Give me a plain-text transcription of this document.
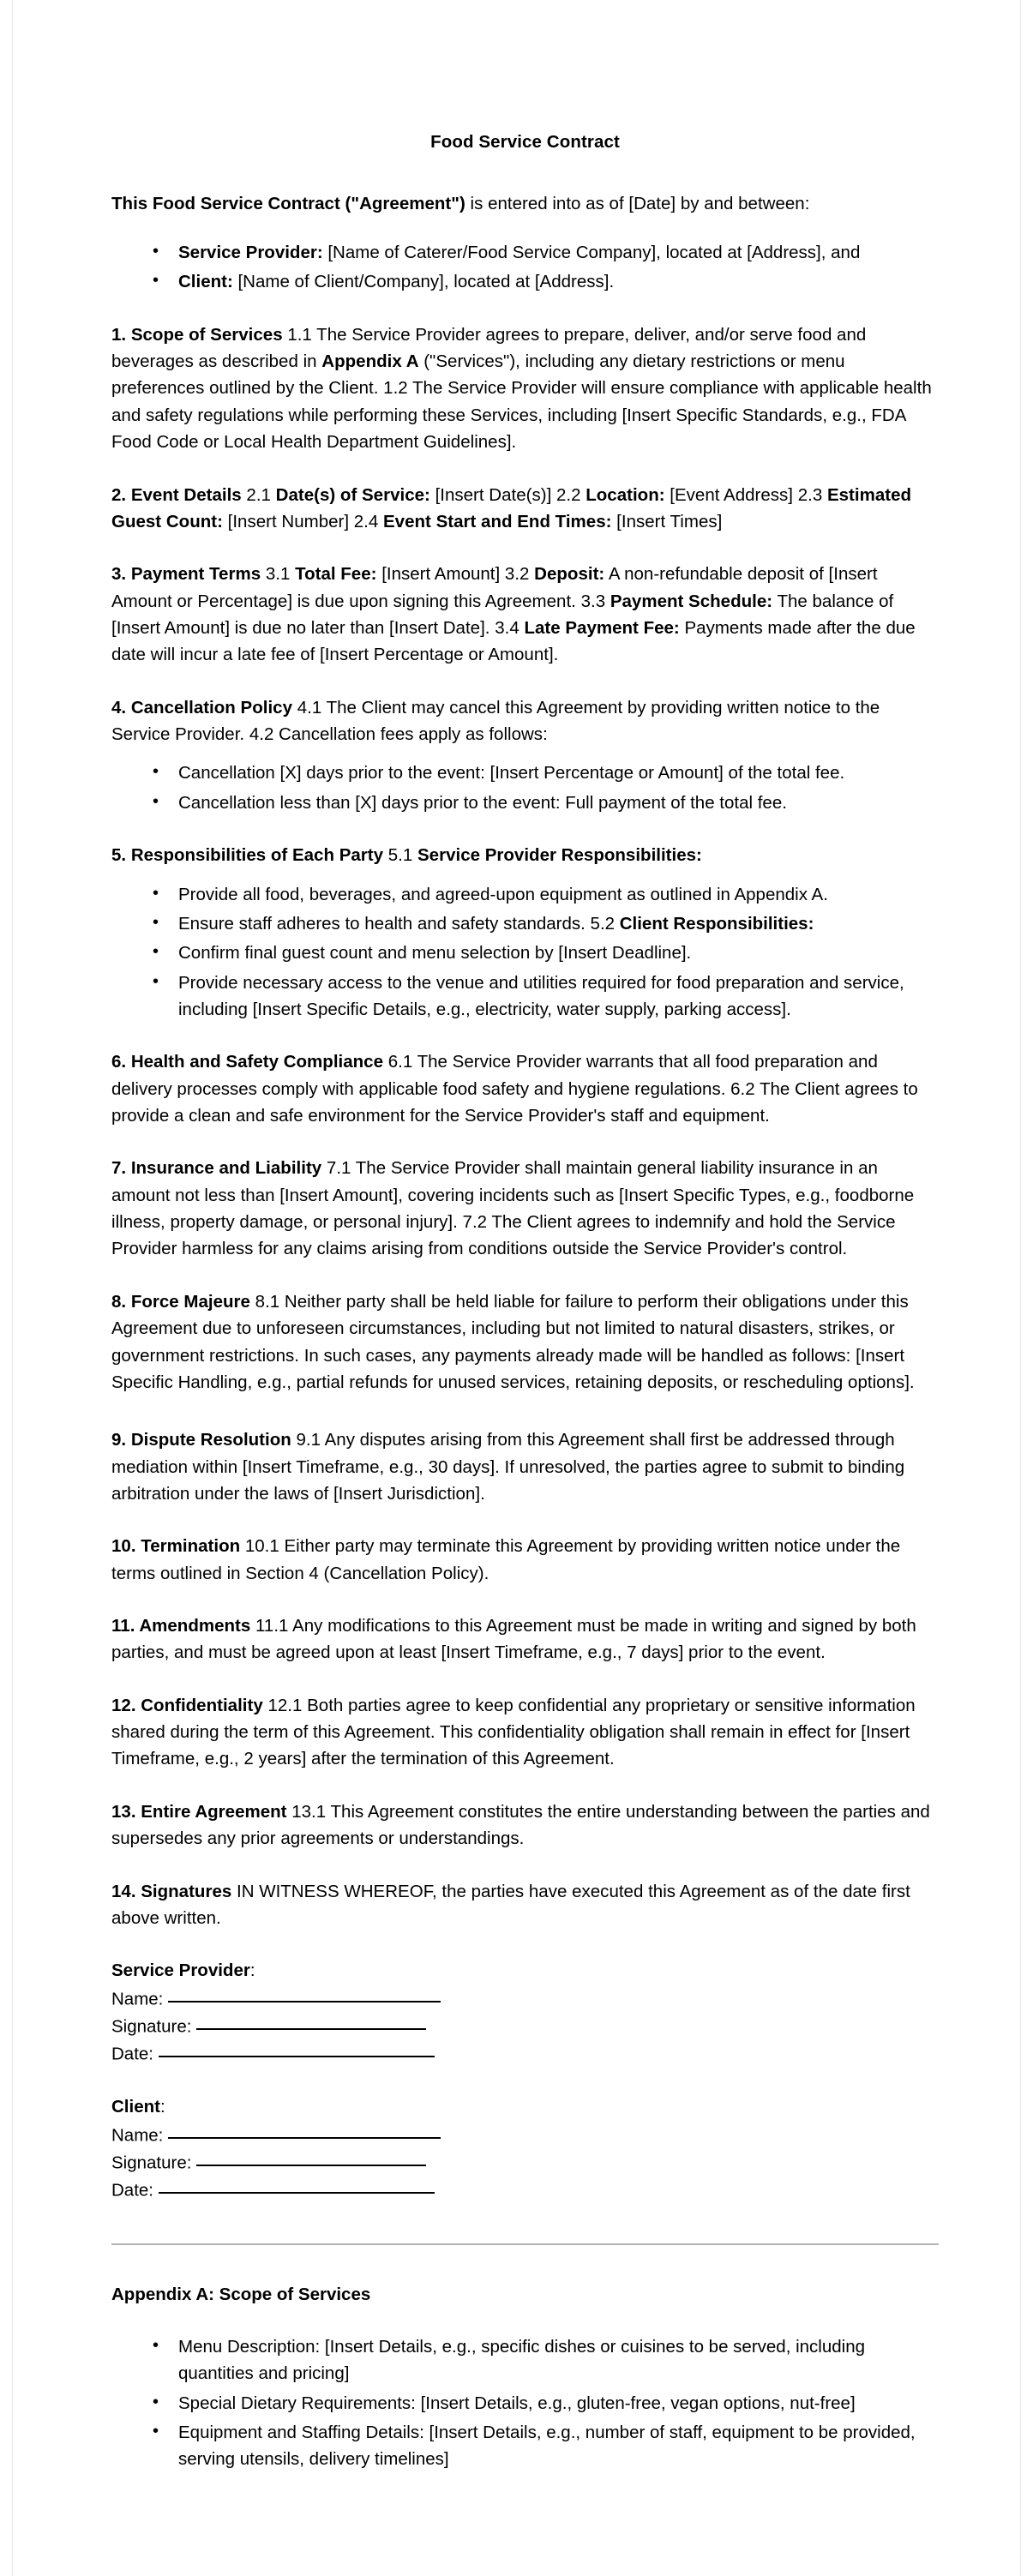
Food Service Contract

This Food Service Contract ("Agreement") is entered into as of [Date] by and between:

• Service Provider: [Name of Caterer/Food Service Company], located at [Address], and
• Client: [Name of Client/Company], located at [Address].

1. Scope of Services 1.1 The Service Provider agrees to prepare, deliver, and/or serve food and beverages as described in Appendix A ("Services"), including any dietary restrictions or menu preferences outlined by the Client. 1.2 The Service Provider will ensure compliance with applicable health and safety regulations while performing these Services, including [Insert Specific Standards, e.g., FDA Food Code or Local Health Department Guidelines].

2. Event Details 2.1 Date(s) of Service: [Insert Date(s)] 2.2 Location: [Event Address] 2.3 Estimated Guest Count: [Insert Number] 2.4 Event Start and End Times: [Insert Times]

3. Payment Terms 3.1 Total Fee: [Insert Amount] 3.2 Deposit: A non-refundable deposit of [Insert Amount or Percentage] is due upon signing this Agreement. 3.3 Payment Schedule: The balance of [Insert Amount] is due no later than [Insert Date]. 3.4 Late Payment Fee: Payments made after the due date will incur a late fee of [Insert Percentage or Amount].

4. Cancellation Policy 4.1 The Client may cancel this Agreement by providing written notice to the Service Provider. 4.2 Cancellation fees apply as follows:

• Cancellation [X] days prior to the event: [Insert Percentage or Amount] of the total fee.
• Cancellation less than [X] days prior to the event: Full payment of the total fee.

5. Responsibilities of Each Party 5.1 Service Provider Responsibilities:

• Provide all food, beverages, and agreed-upon equipment as outlined in Appendix A.
• Ensure staff adheres to health and safety standards. 5.2 Client Responsibilities:
• Confirm final guest count and menu selection by [Insert Deadline].
• Provide necessary access to the venue and utilities required for food preparation and service, including [Insert Specific Details, e.g., electricity, water supply, parking access].

6. Health and Safety Compliance 6.1 The Service Provider warrants that all food preparation and delivery processes comply with applicable food safety and hygiene regulations. 6.2 The Client agrees to provide a clean and safe environment for the Service Provider's staff and equipment.

7. Insurance and Liability 7.1 The Service Provider shall maintain general liability insurance in an amount not less than [Insert Amount], covering incidents such as [Insert Specific Types, e.g., foodborne illness, property damage, or personal injury]. 7.2 The Client agrees to indemnify and hold the Service Provider harmless for any claims arising from conditions outside the Service Provider's control.

8. Force Majeure 8.1 Neither party shall be held liable for failure to perform their obligations under this Agreement due to unforeseen circumstances, including but not limited to natural disasters, strikes, or government restrictions. In such cases, any payments already made will be handled as follows: [Insert Specific Handling, e.g., partial refunds for unused services, retaining deposits, or rescheduling options].

9. Dispute Resolution 9.1 Any disputes arising from this Agreement shall first be addressed through mediation within [Insert Timeframe, e.g., 30 days]. If unresolved, the parties agree to submit to binding arbitration under the laws of [Insert Jurisdiction].

10. Termination 10.1 Either party may terminate this Agreement by providing written notice under the terms outlined in Section 4 (Cancellation Policy).

11. Amendments 11.1 Any modifications to this Agreement must be made in writing and signed by both parties, and must be agreed upon at least [Insert Timeframe, e.g., 7 days] prior to the event.

12. Confidentiality 12.1 Both parties agree to keep confidential any proprietary or sensitive information shared during the term of this Agreement. This confidentiality obligation shall remain in effect for [Insert Timeframe, e.g., 2 years] after the termination of this Agreement.

13. Entire Agreement 13.1 This Agreement constitutes the entire understanding between the parties and supersedes any prior agreements or understandings.

14. Signatures IN WITNESS WHEREOF, the parties have executed this Agreement as of the date first above written.

Service Provider:
Name:
Signature:
Date:
Client:
Name:
Signature:
Date:
Appendix A: Scope of Services
• Menu Description: [Insert Details, e.g., specific dishes or cuisines to be served, including quantities and pricing]
• Special Dietary Requirements: [Insert Details, e.g., gluten-free, vegan options, nut-free]
• Equipment and Staffing Details: [Insert Details, e.g., number of staff, equipment to be provided, serving utensils, delivery timelines]
